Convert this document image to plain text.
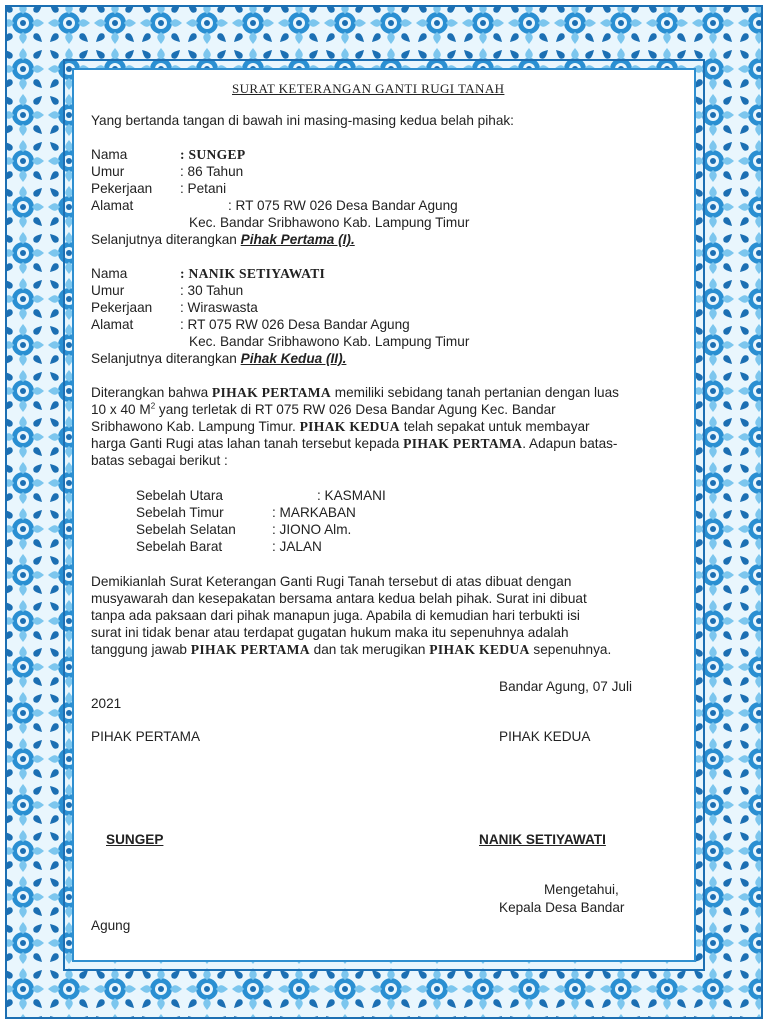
SURAT KETERANGAN GANTI RUGI TANAH
Yang bertanda tangan di bawah ini masing-masing kedua belah pihak:
Nama	: SUNGEP
Umur	: 86 Tahun
Pekerjaan : Petani
Alamat	: RT 075 RW 026 Desa Bandar Agung
Kec. Bandar Sribhawono Kab. Lampung Timur
Selanjutnya diterangkan Pihak Pertama (I).
Nama	: NANIK SETIYAWATI
Umur	: 30 Tahun
Pekerjaan : Wiraswasta
Alamat	: RT 075 RW 026 Desa Bandar Agung
Kec. Bandar Sribhawono Kab. Lampung Timur
Selanjutnya diterangkan Pihak Kedua (II).
Diterangkan bahwa PIHAK PERTAMA memiliki sebidang tanah pertanian dengan luas
10 x 40 $M^2$ yang terletak di RT 075 RW 026 Desa Bandar Agung Kec. Bandar
Sribhawono Kab. Lampung Timur. PIHAK KEDUA telah sepakat untuk membayar
harga Ganti Rugi atas lahan tanah tersebut kepada PIHAK PERTAMA. Adapun batas-
batas sebagai berikut :
Sebelah Utara	: KASMANI
Sebelah Timur	: MARKABAN
Sebelah Selatan	: JIONO Alm.
Sebelah Barat	: JALAN
Demikianlah Surat Keterangan Ganti Rugi Tanah tersebut di atas dibuat dengan
musyawarah dan kesepakatan bersama antara kedua belah pihak. Surat ini dibuat
tanpa ada paksaan dari pihak manapun juga. Apabila di kemudian hari terbukti isi
surat ini tidak benar atau terdapat gugatan hukum maka itu sepenuhnya adalah
tanggung jawab PIHAK PERTAMA dan tak merugikan PIHAK KEDUA sepenuhnya.
Bandar Agung, 07 Juli
2021
PIHAK PERTAMA	PIHAK KEDUA
SUNGEP	NANIK SETIYAWATI
Mengetahui,
Kepala Desa Bandar
Agung
